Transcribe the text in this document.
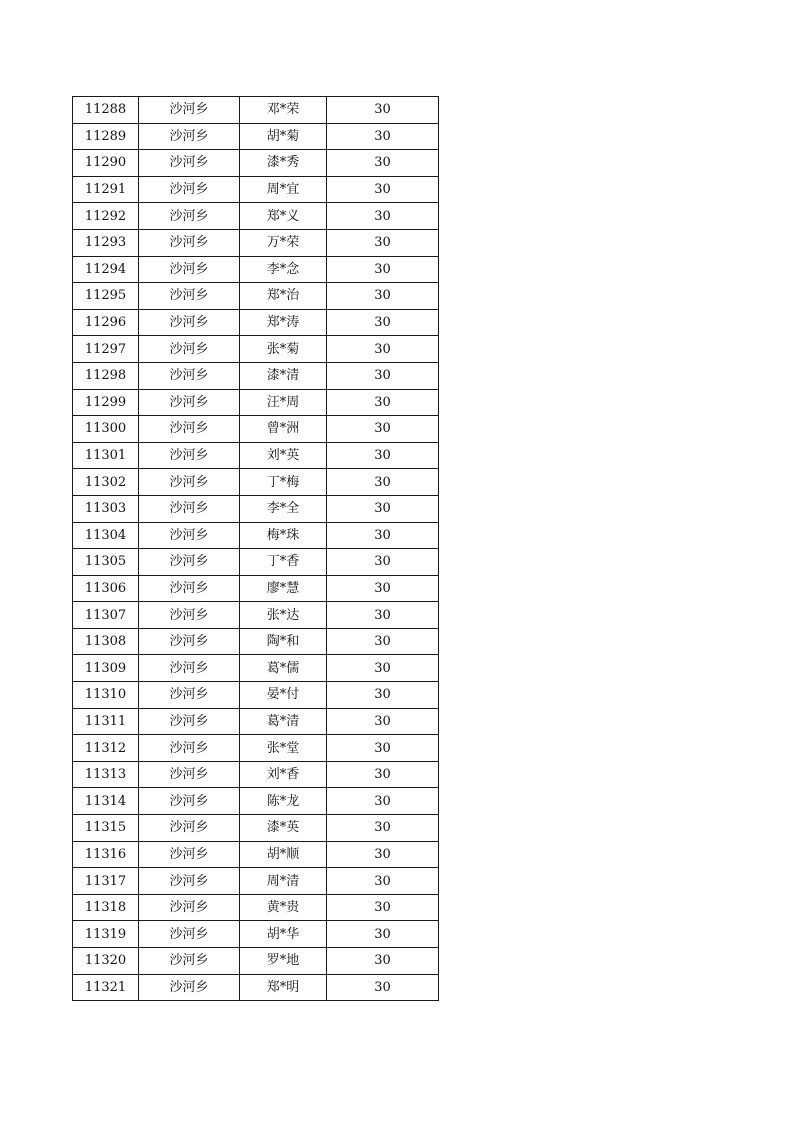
11288	沙河乡	邓*荣	30
11289	沙河乡	胡*菊	30
11290	沙河乡	漆*秀	30
11291	沙河乡	周*宜	30
11292	沙河乡	郑*义	30
11293	沙河乡	万*荣	30
11294	沙河乡	李*念	30
11295	沙河乡	郑*治	30
11296	沙河乡	郑*涛	30
11297	沙河乡	张*菊	30
11298	沙河乡	漆*清	30
11299	沙河乡	汪*周	30
11300	沙河乡	曾*洲	30
11301	沙河乡	刘*英	30
11302	沙河乡	丁*梅	30
11303	沙河乡	李*全	30
11304	沙河乡	梅*珠	30
11305	沙河乡	丁*香	30
11306	沙河乡	廖*慧	30
11307	沙河乡	张*达	30
11308	沙河乡	陶*和	30
11309	沙河乡	葛*儒	30
11310	沙河乡	晏*付	30
11311	沙河乡	葛*清	30
11312	沙河乡	张*堂	30
11313	沙河乡	刘*香	30
11314	沙河乡	陈*龙	30
11315	沙河乡	漆*英	30
11316	沙河乡	胡*顺	30
11317	沙河乡	周*清	30
11318	沙河乡	黄*贵	30
11319	沙河乡	胡*华	30
11320	沙河乡	罗*地	30
11321	沙河乡	郑*明	30
